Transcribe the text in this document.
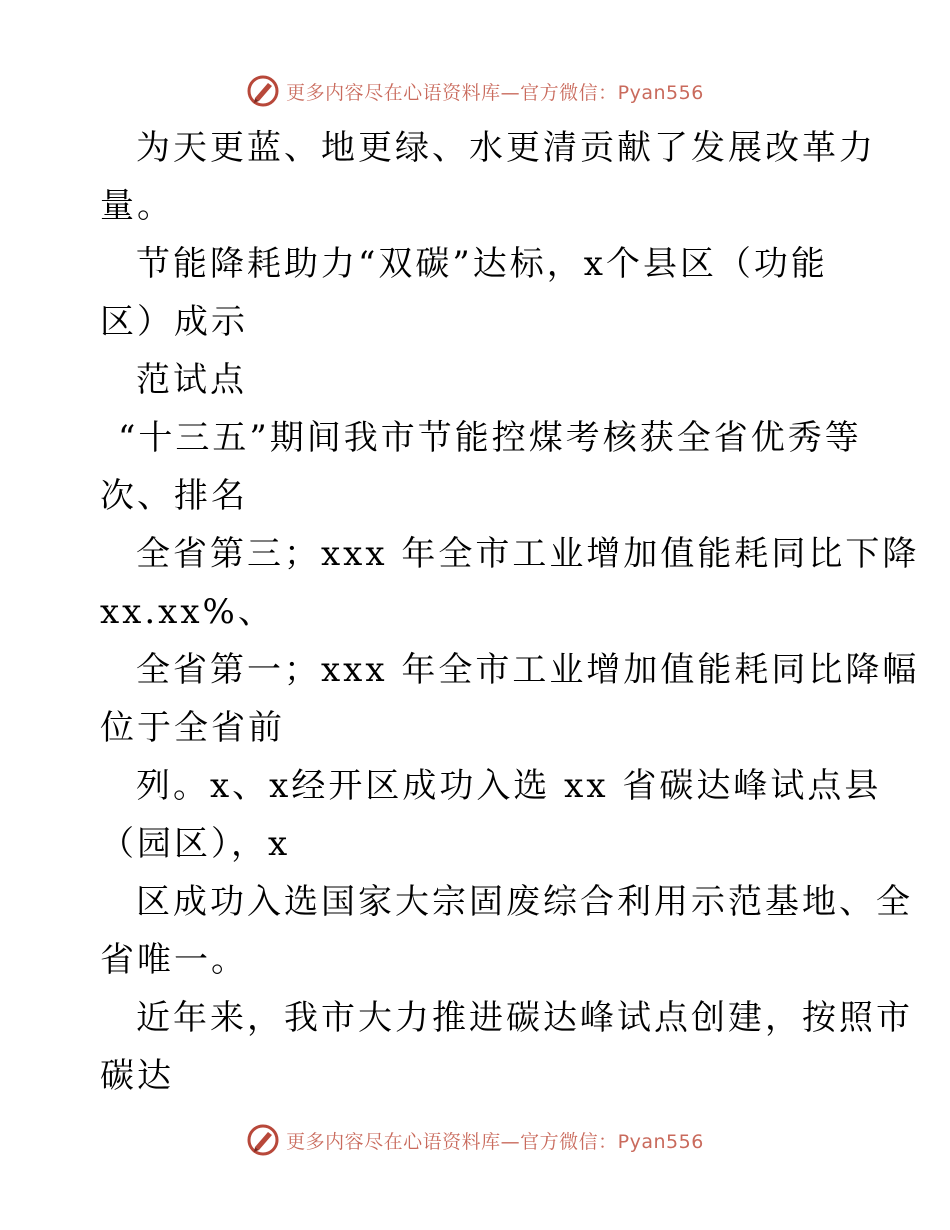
更多内容尽在心语资料库—官方微信：Pyan556
为天更蓝、地更绿、水更清贡献了发展改革力
量。
节能降耗助力“双碳”达标，x个县区（功能
区）成示
范试点
“十三五”期间我市节能控煤考核获全省优秀等
次、排名
全省第三；xxx 年全市工业增加值能耗同比下降
xx.xx%、
全省第一；xxx 年全市工业增加值能耗同比降幅
位于全省前
列。x、x经开区成功入选 xx 省碳达峰试点县
（园区），x
区成功入选国家大宗固废综合利用示范基地、全
省唯一。
近年来，我市大力推进碳达峰试点创建，按照市
碳达
更多内容尽在心语资料库—官方微信：Pyan556
